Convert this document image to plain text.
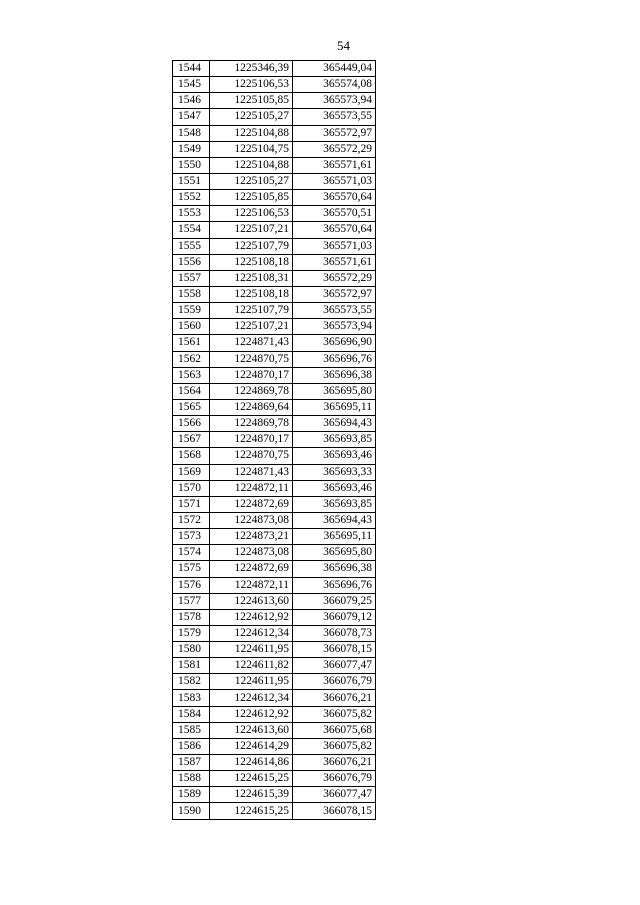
54
1544	1225346,39	365449,04
1545	1225106,53	365574,08
1546	1225105,85	365573,94
1547	1225105,27	365573,55
1548	1225104,88	365572,97
1549	1225104,75	365572,29
1550	1225104,88	365571,61
1551	1225105,27	365571,03
1552	1225105,85	365570,64
1553	1225106,53	365570,51
1554	1225107,21	365570,64
1555	1225107,79	365571,03
1556	1225108,18	365571,61
1557	1225108,31	365572,29
1558	1225108,18	365572,97
1559	1225107,79	365573,55
1560	1225107,21	365573,94
1561	1224871,43	365696,90
1562	1224870,75	365696,76
1563	1224870,17	365696,38
1564	1224869,78	365695,80
1565	1224869,64	365695,11
1566	1224869,78	365694,43
1567	1224870,17	365693,85
1568	1224870,75	365693,46
1569	1224871,43	365693,33
1570	1224872,11	365693,46
1571	1224872,69	365693,85
1572	1224873,08	365694,43
1573	1224873,21	365695,11
1574	1224873,08	365695,80
1575	1224872,69	365696,38
1576	1224872,11	365696,76
1577	1224613,60	366079,25
1578	1224612,92	366079,12
1579	1224612,34	366078,73
1580	1224611,95	366078,15
1581	1224611,82	366077,47
1582	1224611,95	366076,79
1583	1224612,34	366076,21
1584	1224612,92	366075,82
1585	1224613,60	366075,68
1586	1224614,29	366075,82
1587	1224614,86	366076,21
1588	1224615,25	366076,79
1589	1224615,39	366077,47
1590	1224615,25	366078,15
